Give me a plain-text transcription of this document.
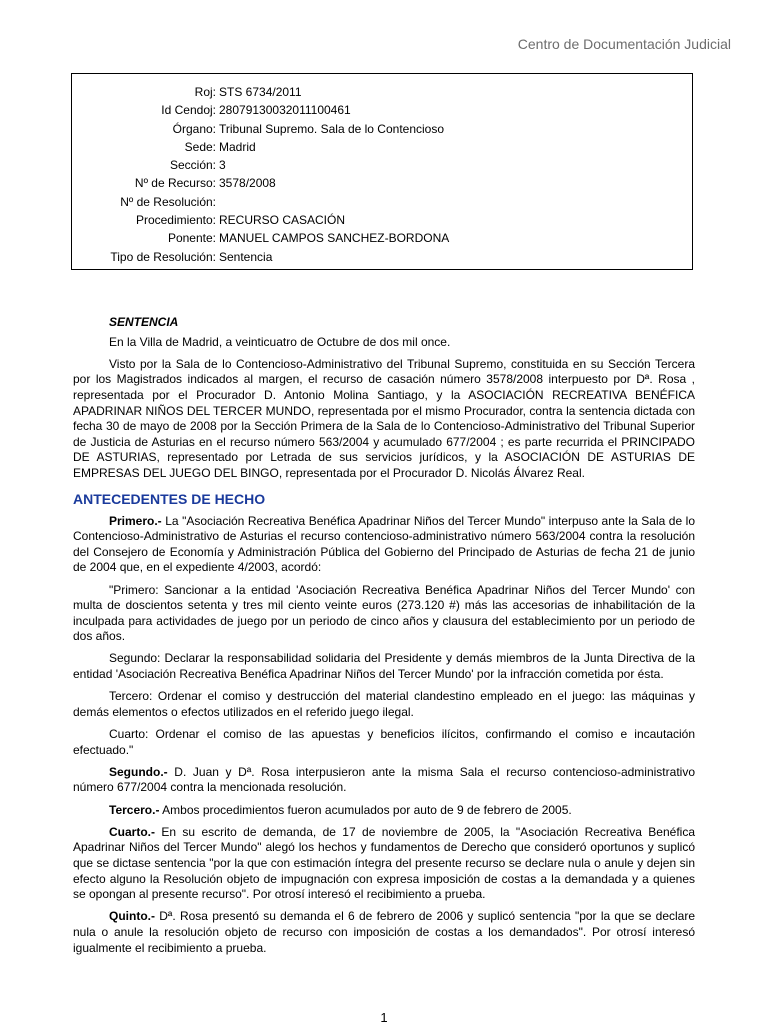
Centro de Documentación Judicial
Roj: STS 6734/2011
Id Cendoj: 28079130032011100461
Órgano: Tribunal Supremo. Sala de lo Contencioso
Sede: Madrid
Sección: 3
Nº de Recurso: 3578/2008
Nº de Resolución:
Procedimiento: RECURSO CASACIÓN
Ponente: MANUEL CAMPOS SANCHEZ-BORDONA
Tipo de Resolución: Sentencia
SENTENCIA

En la Villa de Madrid, a veinticuatro de Octubre de dos mil once.

Visto por la Sala de lo Contencioso-Administrativo del Tribunal Supremo, constituida en su Sección Tercera por los Magistrados indicados al margen, el recurso de casación número 3578/2008 interpuesto por Dª. Rosa , representada por el Procurador D. Antonio Molina Santiago, y la ASOCIACIÓN RECREATIVA BENÉFICA APADRINAR NIÑOS DEL TERCER MUNDO, representada por el mismo Procurador, contra la sentencia dictada con fecha 30 de mayo de 2008 por la Sección Primera de la Sala de lo Contencioso-Administrativo del Tribunal Superior de Justicia de Asturias en el recurso número 563/2004 y acumulado 677/2004 ; es parte recurrida el PRINCIPADO DE ASTURIAS, representado por Letrada de sus servicios jurídicos, y la ASOCIACIÓN DE ASTURIAS DE EMPRESAS DEL JUEGO DEL BINGO, representada por el Procurador D. Nicolás Álvarez Real.

ANTECEDENTES DE HECHO

Primero.- La "Asociación Recreativa Benéfica Apadrinar Niños del Tercer Mundo" interpuso ante la Sala de lo Contencioso-Administrativo de Asturias el recurso contencioso-administrativo número 563/2004 contra la resolución del Consejero de Economía y Administración Pública del Gobierno del Principado de Asturias de fecha 21 de junio de 2004 que, en el expediente 4/2003, acordó:

"Primero: Sancionar a la entidad 'Asociación Recreativa Benéfica Apadrinar Niños del Tercer Mundo' con multa de doscientos setenta y tres mil ciento veinte euros (273.120 #) más las accesorias de inhabilitación de la inculpada para actividades de juego por un periodo de cinco años y clausura del establecimiento por un periodo de dos años.

Segundo: Declarar la responsabilidad solidaria del Presidente y demás miembros de la Junta Directiva de la entidad 'Asociación Recreativa Benéfica Apadrinar Niños del Tercer Mundo' por la infracción cometida por ésta.

Tercero: Ordenar el comiso y destrucción del material clandestino empleado en el juego: las máquinas y demás elementos o efectos utilizados en el referido juego ilegal.

Cuarto: Ordenar el comiso de las apuestas y beneficios ilícitos, confirmando el comiso e incautación efectuado."

Segundo.- D. Juan y Dª. Rosa interpusieron ante la misma Sala el recurso contencioso-administrativo número 677/2004 contra la mencionada resolución.

Tercero.- Ambos procedimientos fueron acumulados por auto de 9 de febrero de 2005.

Cuarto.- En su escrito de demanda, de 17 de noviembre de 2005, la "Asociación Recreativa Benéfica Apadrinar Niños del Tercer Mundo" alegó los hechos y fundamentos de Derecho que consideró oportunos y suplicó que se dictase sentencia "por la que con estimación íntegra del presente recurso se declare nula o anule y dejen sin efecto alguno la Resolución objeto de impugnación con expresa imposición de costas a la demandada y a quienes se opongan al presente recurso". Por otrosí interesó el recibimiento a prueba.

Quinto.- Dª. Rosa presentó su demanda el 6 de febrero de 2006 y suplicó sentencia "por la que se declare nula o anule la resolución objeto de recurso con imposición de costas a los demandados". Por otrosí interesó igualmente el recibimiento a prueba.

1
